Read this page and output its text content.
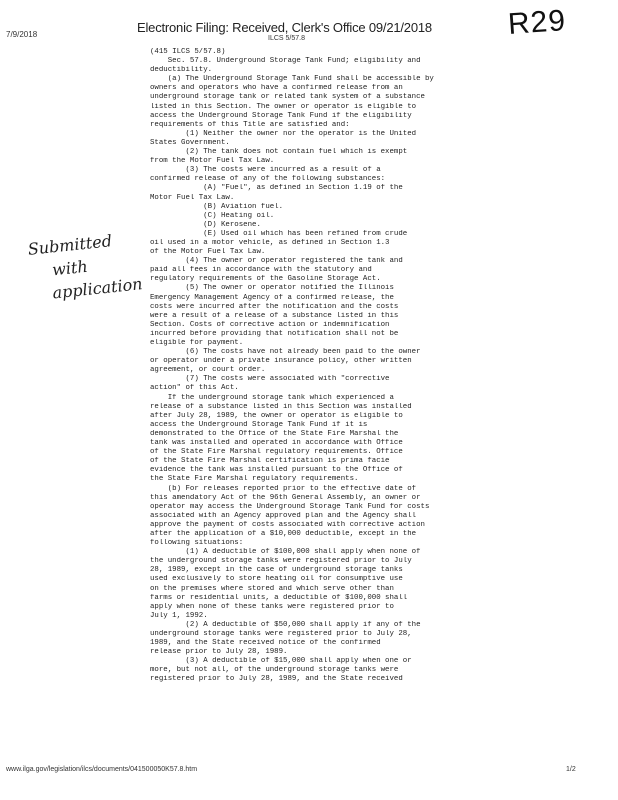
7/9/2018	Electronic Filing: Received, Clerk's Office 09/21/2018
ILCS 5/57.8	R29
Submitted
with
application
(415 ILCS 5/57.8)
Sec. 57.8. Underground Storage Tank Fund; eligibility and
deductibility.
(a) The Underground Storage Tank Fund shall be accessible by
owners and operators who have a confirmed release from an
underground storage tank or related tank system of a substance
listed in this Section. The owner or operator is eligible to
access the Underground Storage Tank Fund if the eligibility
requirements of this Title are satisfied and:
(1) Neither the owner nor the operator is the United
States Government.
(2) The tank does not contain fuel which is exempt
from the Motor Fuel Tax Law.
(3) The costs were incurred as a result of a
confirmed release of any of the following substances:
(A) "Fuel", as defined in Section 1.19 of the
Motor Fuel Tax Law.
(B) Aviation fuel.
(C) Heating oil.
(D) Kerosene.
(E) Used oil which has been refined from crude
oil used in a motor vehicle, as defined in Section 1.3
of the Motor Fuel Tax Law.
(4) The owner or operator registered the tank and
paid all fees in accordance with the statutory and
regulatory requirements of the Gasoline Storage Act.
(5) The owner or operator notified the Illinois
Emergency Management Agency of a confirmed release, the
costs were incurred after the notification and the costs
were a result of a release of a substance listed in this
Section. Costs of corrective action or indemnification
incurred before providing that notification shall not be
eligible for payment.
(6) The costs have not already been paid to the owner
or operator under a private insurance policy, other written
agreement, or court order.
(7) The costs were associated with "corrective
action" of this Act.
If the underground storage tank which experienced a
release of a substance listed in this Section was installed
after July 28, 1989, the owner or operator is eligible to
access the Underground Storage Tank Fund if it is
demonstrated to the Office of the State Fire Marshal the
tank was installed and operated in accordance with Office
of the State Fire Marshal regulatory requirements. Office
of the State Fire Marshal certification is prima facie
evidence the tank was installed pursuant to the Office of
the State Fire Marshal regulatory requirements.
(b) For releases reported prior to the effective date of
this amendatory Act of the 96th General Assembly, an owner or
operator may access the Underground Storage Tank Fund for costs
associated with an Agency approved plan and the Agency shall
approve the payment of costs associated with corrective action
after the application of a $10,000 deductible, except in the
following situations:
(1) A deductible of $100,000 shall apply when none of
the underground storage tanks were registered prior to July
28, 1989, except in the case of underground storage tanks
used exclusively to store heating oil for consumptive use
on the premises where stored and which serve other than
farms or residential units, a deductible of $100,000 shall
apply when none of these tanks were registered prior to
July 1, 1992.
(2) A deductible of $50,000 shall apply if any of the
underground storage tanks were registered prior to July 28,
1989, and the State received notice of the confirmed
release prior to July 28, 1989.
(3) A deductible of $15,000 shall apply when one or
more, but not all, of the underground storage tanks were
registered prior to July 28, 1989, and the State received
www.ilga.gov/legislation/ilcs/documents/041500050K57.8.htm	1/2
